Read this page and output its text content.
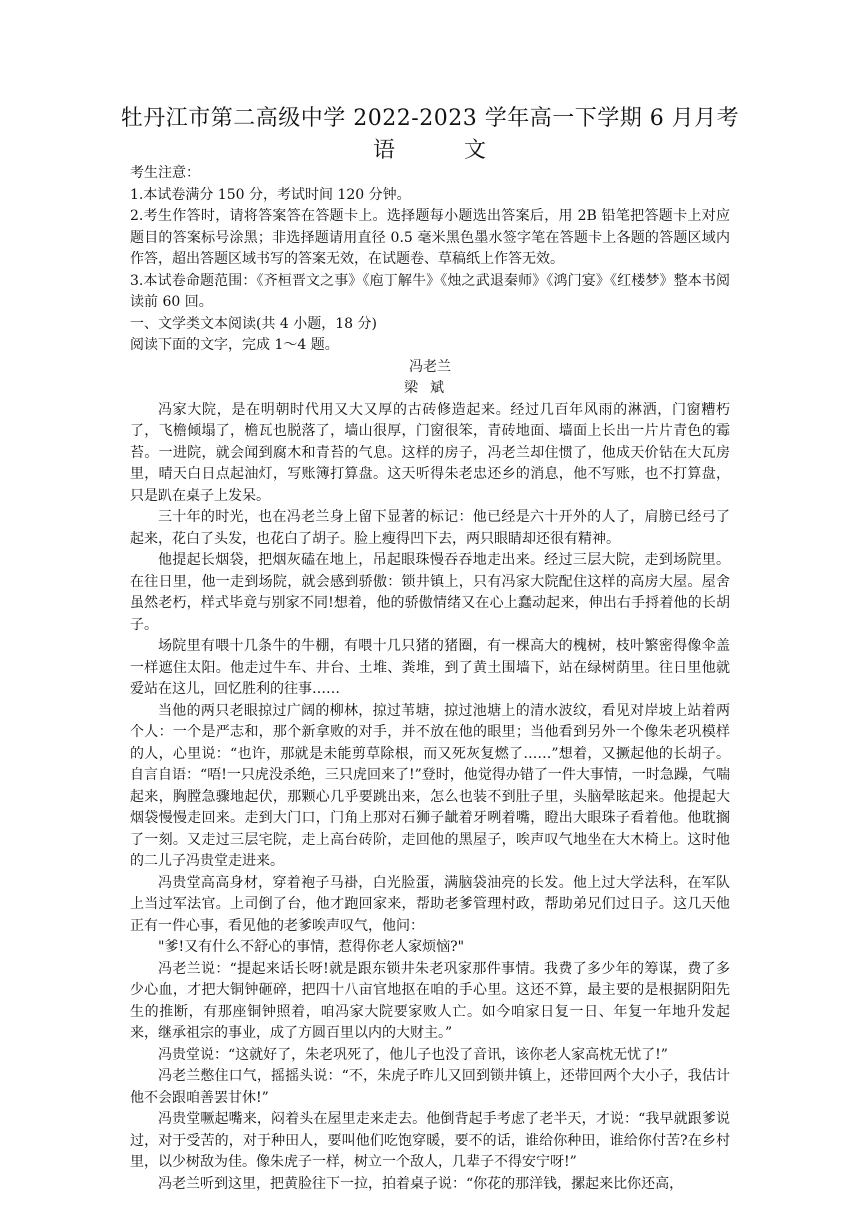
牡丹江市第二高级中学 2022-2023 学年高一下学期 6 月月考
语 文

考生注意：

1.本试卷满分 150 分，考试时间 120 分钟。

2.考生作答时，请将答案答在答题卡上。选择题每小题选出答案后，用 2B 铅笔把答题卡上对应题目的答案标号涂黑；非选择题请用直径 0.5 毫米黑色墨水签字笔在答题卡上各题的答题区域内作答，超出答题区域书写的答案无效，在试题卷、草稿纸上作答无效。

3.本试卷命题范围：《齐桓晋文之事》《庖丁解牛》《烛之武退秦师》《鸿门宴》《红楼梦》整本书阅读前 60 回。

一、文学类文本阅读(共 4 小题，18 分)

阅读下面的文字，完成 1～4 题。

冯老兰

梁斌

冯家大院，是在明朝时代用又大又厚的古砖修造起来。经过几百年风雨的淋洒，门窗糟朽了，飞檐倾塌了，檐瓦也脱落了，墙山很厚，门窗很笨，青砖地面、墙面上长出一片片青色的霉苔。一进院，就会闻到腐木和青苔的气息。这样的房子，冯老兰却住惯了，他成天价钻在大瓦房里，晴天白日点起油灯，写账簿打算盘。这天听得朱老忠还乡的消息，他不写账，也不打算盘，只是趴在桌子上发呆。

三十年的时光，也在冯老兰身上留下显著的标记：他已经是六十开外的人了，肩膀已经弓了起来，花白了头发，也花白了胡子。脸上瘦得凹下去，两只眼睛却还很有精神。

他提起长烟袋，把烟灰磕在地上，吊起眼珠慢吞吞地走出来。经过三层大院，走到场院里。在往日里，他一走到场院，就会感到骄傲：锁井镇上，只有冯家大院配住这样的高房大屋。屋舍虽然老朽，样式毕竟与别家不同!想着，他的骄傲情绪又在心上蠢动起来，伸出右手捋着他的长胡子。

场院里有喂十几条牛的牛棚，有喂十几只猪的猪圈，有一棵高大的槐树，枝叶繁密得像伞盖一样遮住太阳。他走过牛车、井台、土堆、粪堆，到了黄土围墙下，站在绿树荫里。往日里他就爱站在这儿，回忆胜利的往事……

当他的两只老眼掠过广阔的柳林，掠过苇塘，掠过池塘上的清水波纹，看见对岸坡上站着两个人：一个是严志和，那个新拿败的对手，并不放在他的眼里；当他看到另外一个像朱老巩模样的人，心里说：“也许，那就是未能剪草除根，而又死灰复燃了……”想着，又撅起他的长胡子。自言自语：“唔!一只虎没杀绝，三只虎回来了!”登时，他觉得办错了一件大事情，一时急躁，气喘起来，胸膛急骤地起伏，那颗心几乎要跳出来，怎么也装不到肚子里，头脑晕眩起来。他提起大烟袋慢慢走回来。走到大门口，门角上那对石狮子龇着牙咧着嘴，瞪出大眼珠子看着他。他耽搁了一刻。又走过三层宅院，走上高台砖阶，走回他的黑屋子，唉声叹气地坐在大木椅上。这时他的二儿子冯贵堂走进来。

冯贵堂高高身材，穿着袍子马褂，白光脸蛋，满脑袋油亮的长发。他上过大学法科，在军队上当过军法官。上司倒了台，他才跑回家来，帮助老爹管理村政，帮助弟兄们过日子。这几天他正有一件心事，看见他的老爹唉声叹气，他问：

"爹!又有什么不舒心的事情，惹得你老人家烦恼?"

冯老兰说：“提起来话长呀!就是跟东锁井朱老巩家那件事情。我费了多少年的筹谋，费了多少心血，才把大铜钟砸碎，把四十八亩官地抠在咱的手心里。这还不算，最主要的是根据阴阳先生的推断，有那座铜钟照着，咱冯家大院要家败人亡。如今咱家日复一日、年复一年地升发起来，继承祖宗的事业，成了方圆百里以内的大财主。”

冯贵堂说：“这就好了，朱老巩死了，他儿子也没了音讯，该你老人家高枕无忧了!”

冯老兰憋住口气，摇摇头说：“不，朱虎子昨儿又回到锁井镇上，还带回两个大小子，我估计他不会跟咱善罢甘休!”

冯贵堂噘起嘴来，闷着头在屋里走来走去。他倒背起手考虑了老半天，才说：“我早就跟爹说过，对于受苦的，对于种田人，要叫他们吃饱穿暖，要不的话，谁给你种田，谁给你付苦?在乡村里，以少树敌为佳。像朱虎子一样，树立一个敌人，几辈子不得安宁呀!”

冯老兰听到这里，把黄脸往下一拉，拍着桌子说：“你花的那洋钱，摞起来比你还高，
